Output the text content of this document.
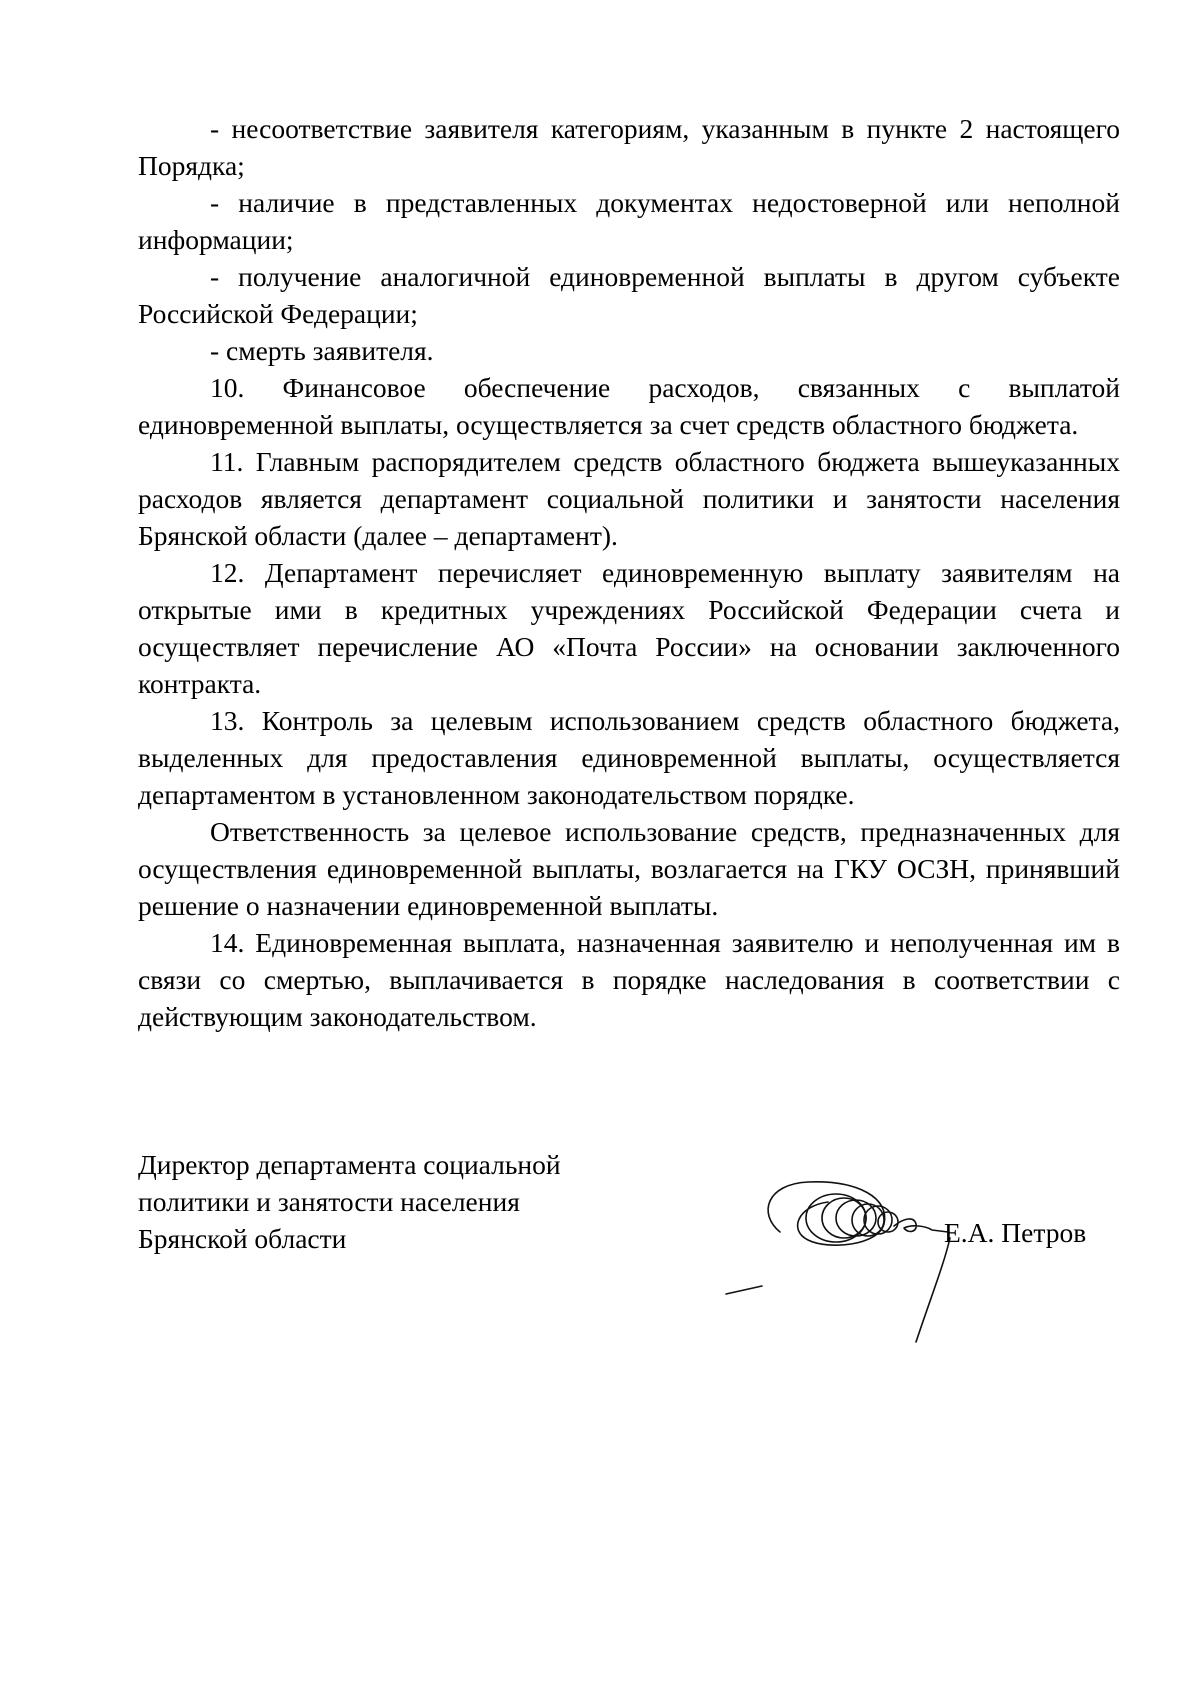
- несоответствие заявителя категориям, указанным в пункте 2 настоящего Порядка;

- наличие в представленных документах недостоверной или неполной информации;

- получение аналогичной единовременной выплаты в другом субъекте Российской Федерации;

- смерть заявителя.

10. Финансовое обеспечение расходов, связанных с выплатой единовременной выплаты, осуществляется за счет средств областного бюджета.

11. Главным распорядителем средств областного бюджета вышеуказанных расходов является департамент социальной политики и занятости населения Брянской области (далее – департамент).

12. Департамент перечисляет единовременную выплату заявителям на открытые ими в кредитных учреждениях Российской Федерации счета и осуществляет перечисление АО «Почта России» на основании заключенного контракта.

13. Контроль за целевым использованием средств областного бюджета, выделенных для предоставления единовременной выплаты, осуществляется департаментом в установленном законодательством порядке.

Ответственность за целевое использование средств, предназначенных для осуществления единовременной выплаты, возлагается на ГКУ ОСЗН, принявший решение о назначении единовременной выплаты.

14. Единовременная выплата, назначенная заявителю и неполученная им в связи со смертью, выплачивается в порядке наследования в соответствии с действующим законодательством.

Директор департамента социальной
политики и занятости населения
Брянской области	Е.А. Петров
